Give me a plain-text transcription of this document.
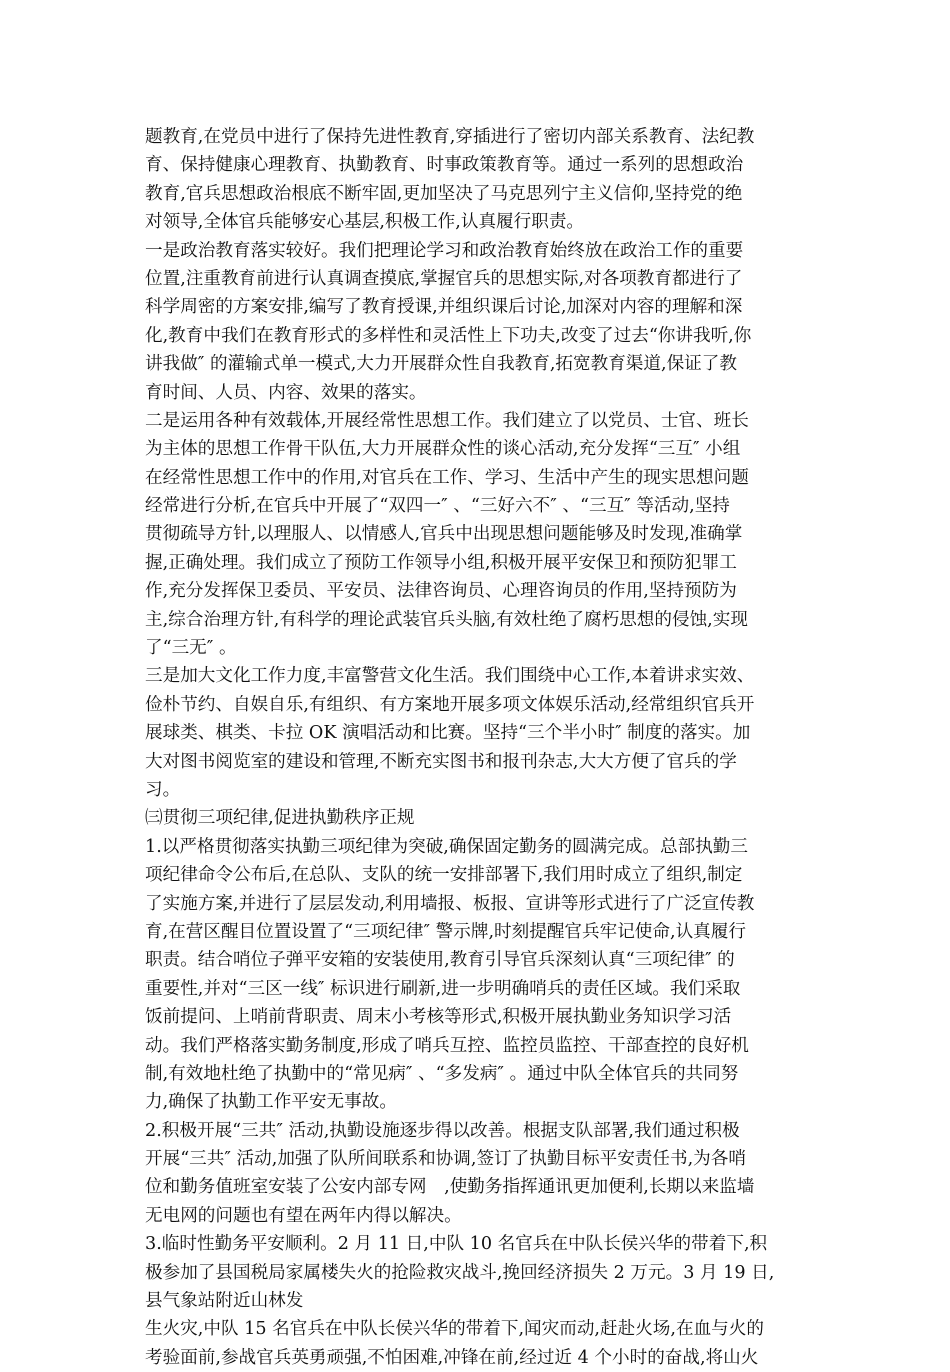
题教育,在党员中进行了保持先进性教育,穿插进行了密切内部关系教育、法纪教
育、保持健康心理教育、执勤教育、时事政策教育等。通过一系列的思想政治
教育,官兵思想政治根底不断牢固,更加坚决了马克思列宁主义信仰,坚持党的绝
对领导,全体官兵能够安心基层,积极工作,认真履行职责。
一是政治教育落实较好。我们把理论学习和政治教育始终放在政治工作的重要
位置,注重教育前进行认真调查摸底,掌握官兵的思想实际,对各项教育都进行了
科学周密的方案安排,编写了教育授课,并组织课后讨论,加深对内容的理解和深
化,教育中我们在教育形式的多样性和灵活性上下功夫,改变了过去“你讲我听,你
讲我做″ 的灌输式单一模式,大力开展群众性自我教育,拓宽教育渠道,保证了教
育时间、人员、内容、效果的落实。
二是运用各种有效载体,开展经常性思想工作。我们建立了以党员、士官、班长
为主体的思想工作骨干队伍,大力开展群众性的谈心活动,充分发挥“三互″ 小组
在经常性思想工作中的作用,对官兵在工作、学习、生活中产生的现实思想问题
经常进行分析,在官兵中开展了“双四一″ 、“三好六不″ 、“三互″ 等活动,坚持
贯彻疏导方针,以理服人、以情感人,官兵中出现思想问题能够及时发现,准确掌
握,正确处理。我们成立了预防工作领导小组,积极开展平安保卫和预防犯罪工
作,充分发挥保卫委员、平安员、法律咨询员、心理咨询员的作用,坚持预防为
主,综合治理方针,有科学的理论武装官兵头脑,有效杜绝了腐朽思想的侵蚀,实现
了“三无″ 。
三是加大文化工作力度,丰富警营文化生活。我们围绕中心工作,本着讲求实效、
俭朴节约、自娱自乐,有组织、有方案地开展多项文体娱乐活动,经常组织官兵开
展球类、棋类、卡拉 OK 演唱活动和比赛。坚持“三个半小时″ 制度的落实。加
大对图书阅览室的建设和管理,不断充实图书和报刊杂志,大大方便了官兵的学
习。
㈢贯彻三项纪律,促进执勤秩序正规
1.以严格贯彻落实执勤三项纪律为突破,确保固定勤务的圆满完成。总部执勤三
项纪律命令公布后,在总队、支队的统一安排部署下,我们用时成立了组织,制定
了实施方案,并进行了层层发动,利用墙报、板报、宣讲等形式进行了广泛宣传教
育,在营区醒目位置设置了“三项纪律″ 警示牌,时刻提醒官兵牢记使命,认真履行
职责。结合哨位子弹平安箱的安装使用,教育引导官兵深刻认真“三项纪律″ 的
重要性,并对“三区一线″ 标识进行刷新,进一步明确哨兵的责任区域。我们采取
饭前提问、上哨前背职责、周末小考核等形式,积极开展执勤业务知识学习活
动。我们严格落实勤务制度,形成了哨兵互控、监控员监控、干部查控的良好机
制,有效地杜绝了执勤中的“常见病″ 、“多发病″ 。通过中队全体官兵的共同努
力,确保了执勤工作平安无事故。
2.积极开展“三共″ 活动,执勤设施逐步得以改善。根据支队部署,我们通过积极
开展“三共″ 活动,加强了队所间联系和协调,签订了执勤目标平安责任书,为各哨
位和勤务值班室安装了公安内部专网　,使勤务指挥通讯更加便利,长期以来监墙
无电网的问题也有望在两年内得以解决。
3.临时性勤务平安顺利。2 月 11 日,中队 10 名官兵在中队长侯兴华的带着下,积
极参加了县国税局家属楼失火的抢险救灾战斗,挽回经济损失 2 万元。3 月 19 日,
县气象站附近山林发
生火灾,中队 15 名官兵在中队长侯兴华的带着下,闻灾而动,赶赴火场,在血与火的
考验面前,参战官兵英勇顽强,不怕困难,冲锋在前,经过近 4 个小时的奋战,将山火
